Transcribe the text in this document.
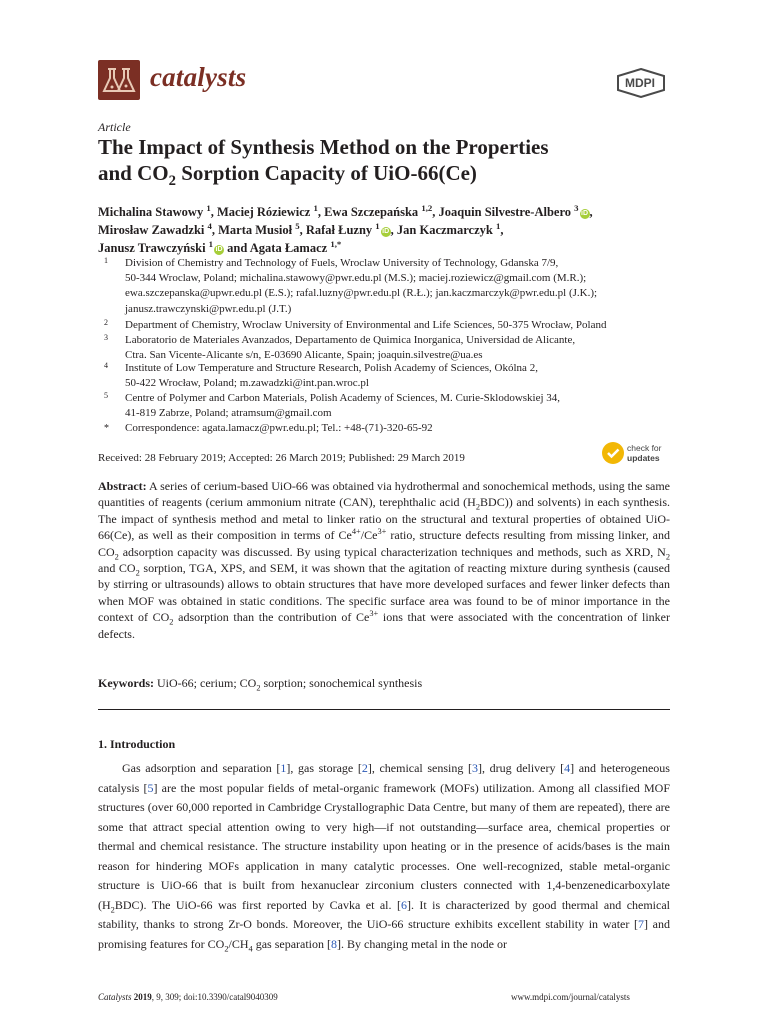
catalysts	MDPI
Article
The Impact of Synthesis Method on the Properties
and $CO_2$ Sorption Capacity of UiO-66(Ce)
Michalina Stawowy $^1$, Maciej Róziewicz $^1$, Ewa Szczepańska $^{1,2}$, Joaquin Silvestre-Albero $^3$iD ,
Mirosław Zawadzki $^4$, Marta Musioł $^5$, Rafał Łuzny $^1$iD , Jan Kaczmarczyk $^1$,
Janusz Trawczyński $^1$iD and Agata Łamacz $^{1,*}$
1 Division of Chemistry and Technology of Fuels, Wroclaw University of Technology, Gdanska 7/9,
50-344 Wroclaw, Poland; michalina.stawowy@pwr.edu.pl (M.S.); maciej.roziewicz@gmail.com (M.R.);
ewa.szczepanska@upwr.edu.pl (E.S.); rafal.luzny@pwr.edu.pl (R.Ł.); jan.kaczmarczyk@pwr.edu.pl (J.K.);
janusz.trawczynski@pwr.edu.pl (J.T.)
2 Department of Chemistry, Wroclaw University of Environmental and Life Sciences, 50-375 Wrocław, Poland
3 Laboratorio de Materiales Avanzados, Departamento de Quimica Inorganica, Universidad de Alicante,
Ctra. San Vicente-Alicante s/n, E-03690 Alicante, Spain; joaquin.silvestre@ua.es
4 Institute of Low Temperature and Structure Research, Polish Academy of Sciences, Okólna 2,
50-422 Wrocław, Poland; m.zawadzki@int.pan.wroc.pl
5 Centre of Polymer and Carbon Materials, Polish Academy of Sciences, M. Curie-Sklodowskiej 34,
41-819 Zabrze, Poland; atramsum@gmail.com
* Correspondence: agata.lamacz@pwr.edu.pl; Tel.: +48-(71)-320-65-92
Received: 28 February 2019; Accepted: 26 March 2019; Published: 29 March 2019
check for
updates
Abstract: A series of cerium-based UiO-66 was obtained via hydrothermal and sonochemical methods, using the same quantities of reagents (cerium ammonium nitrate (CAN), terephthalic acid $(H_2BDC)$) and solvents) in each synthesis. The impact of synthesis method and metal to linker ratio on the structural and textural properties of obtained UiO-66(Ce), as well as their composition in terms of $Ce^{4+}/Ce^{3+}$ ratio, structure defects resulting from missing linker, and $CO_2$ adsorption capacity was discussed. By using typical characterization techniques and methods, such as XRD, $N_2$ and $CO_2$ sorption, TGA, XPS, and SEM, it was shown that the agitation of reacting mixture during synthesis (caused by stirring or ultrasounds) allows to obtain structures that have more developed surfaces and fewer linker defects than when MOF was obtained in static conditions. The specific surface area was found to be of minor importance in the context of $CO_2$ adsorption than the contribution of $Ce^{3+}$ ions that were associated with the concentration of linker defects.
Keywords: UiO-66; cerium; $CO_2$ sorption; sonochemical synthesis
1. Introduction
Gas adsorption and separation [1], gas storage [2], chemical sensing [3], drug delivery [4] and heterogeneous catalysis [5] are the most popular fields of metal-organic framework (MOFs) utilization. Among all classified MOF structures (over 60,000 reported in Cambridge Crystallographic Data Centre, but many of them are repeated), there are some that attract special attention owing to very high—if not outstanding—surface area, chemical properties or thermal and chemical resistance. The structure instability upon heating or in the presence of acids/bases is the main reason for hindering MOFs application in many catalytic processes. One well-recognized, stable metal-organic structure is UiO-66 that is built from hexanuclear zirconium clusters connected with 1,4-benzenedicarboxylate $(H_2BDC)$. The UiO-66 was first reported by Cavka et al. [6]. It is characterized by good thermal and chemical stability, thanks to strong Zr-O bonds. Moreover, the UiO-66 structure exhibits excellent stability in water [7] and promising features for $CO_2/CH_4$ gas separation [8]. By changing metal in the node or
Catalysts 2019, 9, 309; doi:10.3390/catal9040309	www.mdpi.com/journal/catalysts
